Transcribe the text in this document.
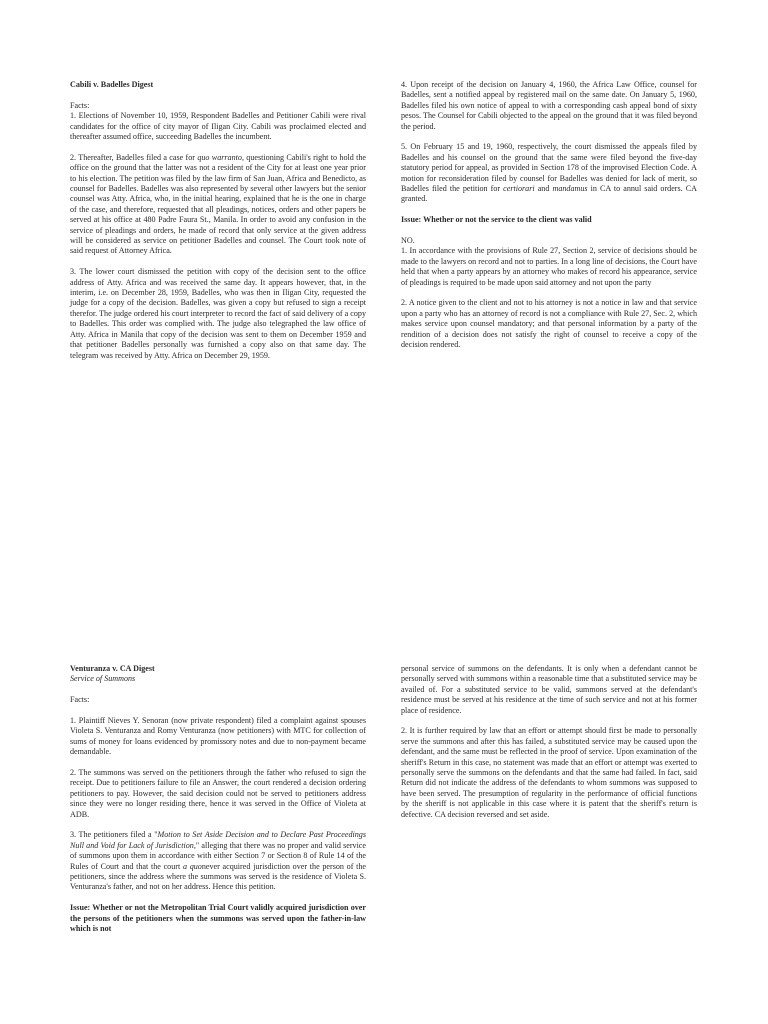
Cabili v. Badelles Digest
Facts:

1. Elections of November 10, 1959, Respondent Badelles and Petitioner Cabili were rival candidates for the office of city mayor of Iligan City. Cabili was proclaimed elected and thereafter assumed office, succeeding Badelles the incumbent.

2. Thereafter, Badelles filed a case for quo warranto, questioning Cabili's right to hold the office on the ground that the latter was not a resident of the City for at least one year prior to his election. The petition was filed by the law firm of San Juan, Africa and Benedicto, as counsel for Badelles. Badelles was also represented by several other lawyers but the senior counsel was Atty. Africa, who, in the initial hearing, explained that he is the one in charge of the case, and therefore, requested that all pleadings, notices, orders and other papers be served at his office at 480 Padre Faura St., Manila. In order to avoid any confusion in the service of pleadings and orders, he made of record that only service at the given address will be considered as service on petitioner Badelles and counsel. The Court took note of said request of Attorney Africa.

3. The lower court dismissed the petition with copy of the decision sent to the office address of Atty. Africa and was received the same day. It appears however, that, in the interim, i.e. on December 28, 1959, Badelles, who was then in Iligan City, requested the judge for a copy of the decision. Badelles, was given a copy but refused to sign a receipt therefor. The judge ordered his court interpreter to record the fact of said delivery of a copy to Badelles. This order was complied with. The judge also telegraphed the law office of Atty. Africa in Manila that copy of the decision was sent to them on December 1959 and that petitioner Badelles personally was furnished a copy also on that same day. The telegram was received by Atty. Africa on December 29, 1959.

4. Upon receipt of the decision on January 4, 1960, the Africa Law Office, counsel for Badelles, sent a notified appeal by registered mail on the same date. On January 5, 1960, Badelles filed his own notice of appeal to with a corresponding cash appeal bond of sixty pesos. The Counsel for Cabili objected to the appeal on the ground that it was filed beyond the period.

5. On February 15 and 19, 1960, respectively, the court dismissed the appeals filed by Badelles and his counsel on the ground that the same were filed beyond the five-day statutory period for appeal, as provided in Section 178 of the improvised Election Code. A motion for reconsideration filed by counsel for Badelles was denied for lack of merit, so Badelles filed the petition for certiorari and mandamus in CA to annul said orders. CA granted.

Issue: Whether or not the service to the client was valid

NO.

1. In accordance with the provisions of Rule 27, Section 2, service of decisions should be made to the lawyers on record and not to parties. In a long line of decisions, the Court have held that when a party appears by an attorney who makes of record his appearance, service of pleadings is required to be made upon said attorney and not upon the party

2. A notice given to the client and not to his attorney is not a notice in law and that service upon a party who has an attorney of record is not a compliance with Rule 27, Sec. 2, which makes service upon counsel mandatory; and that personal information by a party of the rendition of a decision does not satisfy the right of counsel to receive a copy of the decision rendered.

Venturanza v. CA Digest
Service of Summons

Facts:

1. Plaintiff Nieves Y. Senoran (now private respondent) filed a complaint against spouses Violeta S. Venturanza and Romy Venturanza (now petitioners) with MTC for collection of sums of money for loans evidenced by promissory notes and due to non-payment became demandable.

2. The summons was served on the petitioners through the father who refused to sign the receipt. Due to petitioners failure to file an Answer, the court rendered a decision ordering petitioners to pay. However, the said decision could not be served to petitioners address since they were no longer residing there, hence it was served in the Office of Violeta at ADB.

3. The petitioners filed a "Motion to Set Aside Decision and to Declare Past Proceedings Null and Void for Lack of Jurisdiction," alleging that there was no proper and valid service of summons upon them in accordance with either Section 7 or Section 8 of Rule 14 of the Rules of Court and that the court a quonever acquired jurisdiction over the person of the petitioners, since the address where the summons was served is the residence of Violeta S. Venturanza's father, and not on her address. Hence this petition.

Issue: Whether or not the Metropolitan Trial Court validly acquired jurisdiction over the persons of the petitioners when the summons was served upon the father-in-law which is not

personal service of summons on the defendants. It is only when a defendant cannot be personally served with summons within a reasonable time that a substituted service may be availed of. For a substituted service to be valid, summons served at the defendant's residence must be served at his residence at the time of such service and not at his former place of residence.

2. It is further required by law that an effort or attempt should first be made to personally serve the summons and after this has failed, a substituted service may be caused upon the defendant, and the same must be reflected in the proof of service. Upon examination of the sheriff's Return in this case, no statement was made that an effort or attempt was exerted to personally serve the summons on the defendants and that the same had failed. In fact, said Return did not indicate the address of the defendants to whom summons was supposed to have been served. The presumption of regularity in the performance of official functions by the sheriff is not applicable in this case where it is patent that the sheriff's return is defective. CA decision reversed and set aside.
